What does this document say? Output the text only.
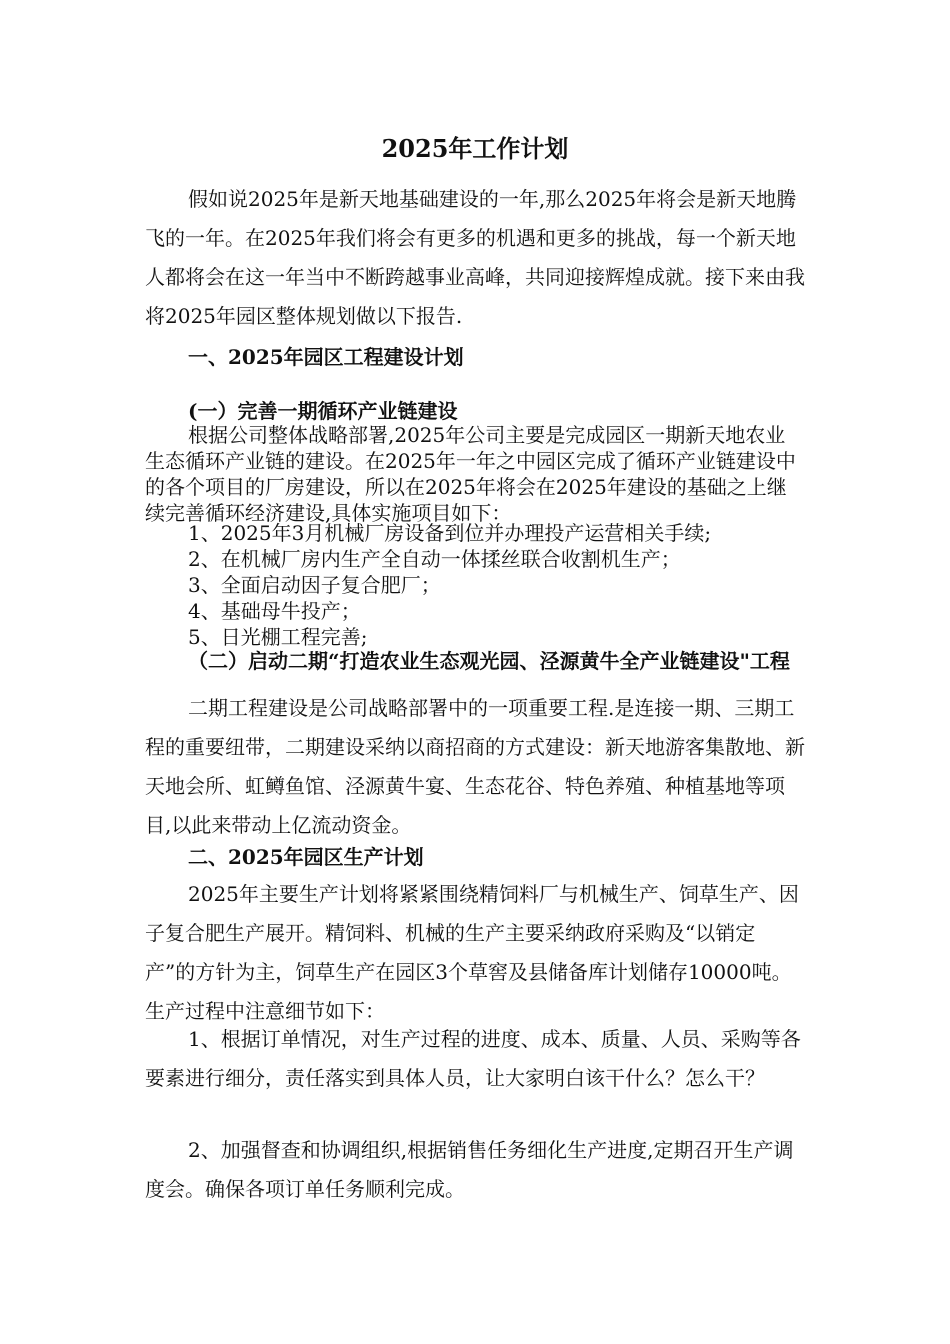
2025年工作计划

假如说2025年是新天地基础建设的一年,那么2025年将会是新天地腾飞的一年。在2025年我们将会有更多的机遇和更多的挑战，每一个新天地人都将会在这一年当中不断跨越事业高峰，共同迎接辉煌成就。接下来由我将2025年园区整体规划做以下报告.

一、2025年园区工程建设计划

(一）完善一期循环产业链建设

根据公司整体战略部署,2025年公司主要是完成园区一期新天地农业生态循环产业链的建设。在2025年一年之中园区完成了循环产业链建设中的各个项目的厂房建设，所以在2025年将会在2025年建设的基础之上继续完善循环经济建设,具体实施项目如下：

1、2025年3月机械厂房设备到位并办理投产运营相关手续;
2、在机械厂房内生产全自动一体揉丝联合收割机生产；
3、全面启动因子复合肥厂；
4、基础母牛投产；
5、日光棚工程完善;

（二）启动二期“打造农业生态观光园、泾源黄牛全产业链建设"工程

二期工程建设是公司战略部署中的一项重要工程.是连接一期、三期工程的重要纽带，二期建设采纳以商招商的方式建设：新天地游客集散地、新天地会所、虹鳟鱼馆、泾源黄牛宴、生态花谷、特色养殖、种植基地等项目,以此来带动上亿流动资金。

二、2025年园区生产计划

2025年主要生产计划将紧紧围绕精饲料厂与机械生产、饲草生产、因子复合肥生产展开。精饲料、机械的生产主要采纳政府采购及“以销定产”的方针为主，饲草生产在园区3个草窖及县储备库计划储存10000吨。生产过程中注意细节如下：

1、根据订单情况，对生产过程的进度、成本、质量、人员、采购等各要素进行细分，责任落实到具体人员，让大家明白该干什么？怎么干？

2、加强督查和协调组织,根据销售任务细化生产进度,定期召开生产调度会。确保各项订单任务顺利完成。
